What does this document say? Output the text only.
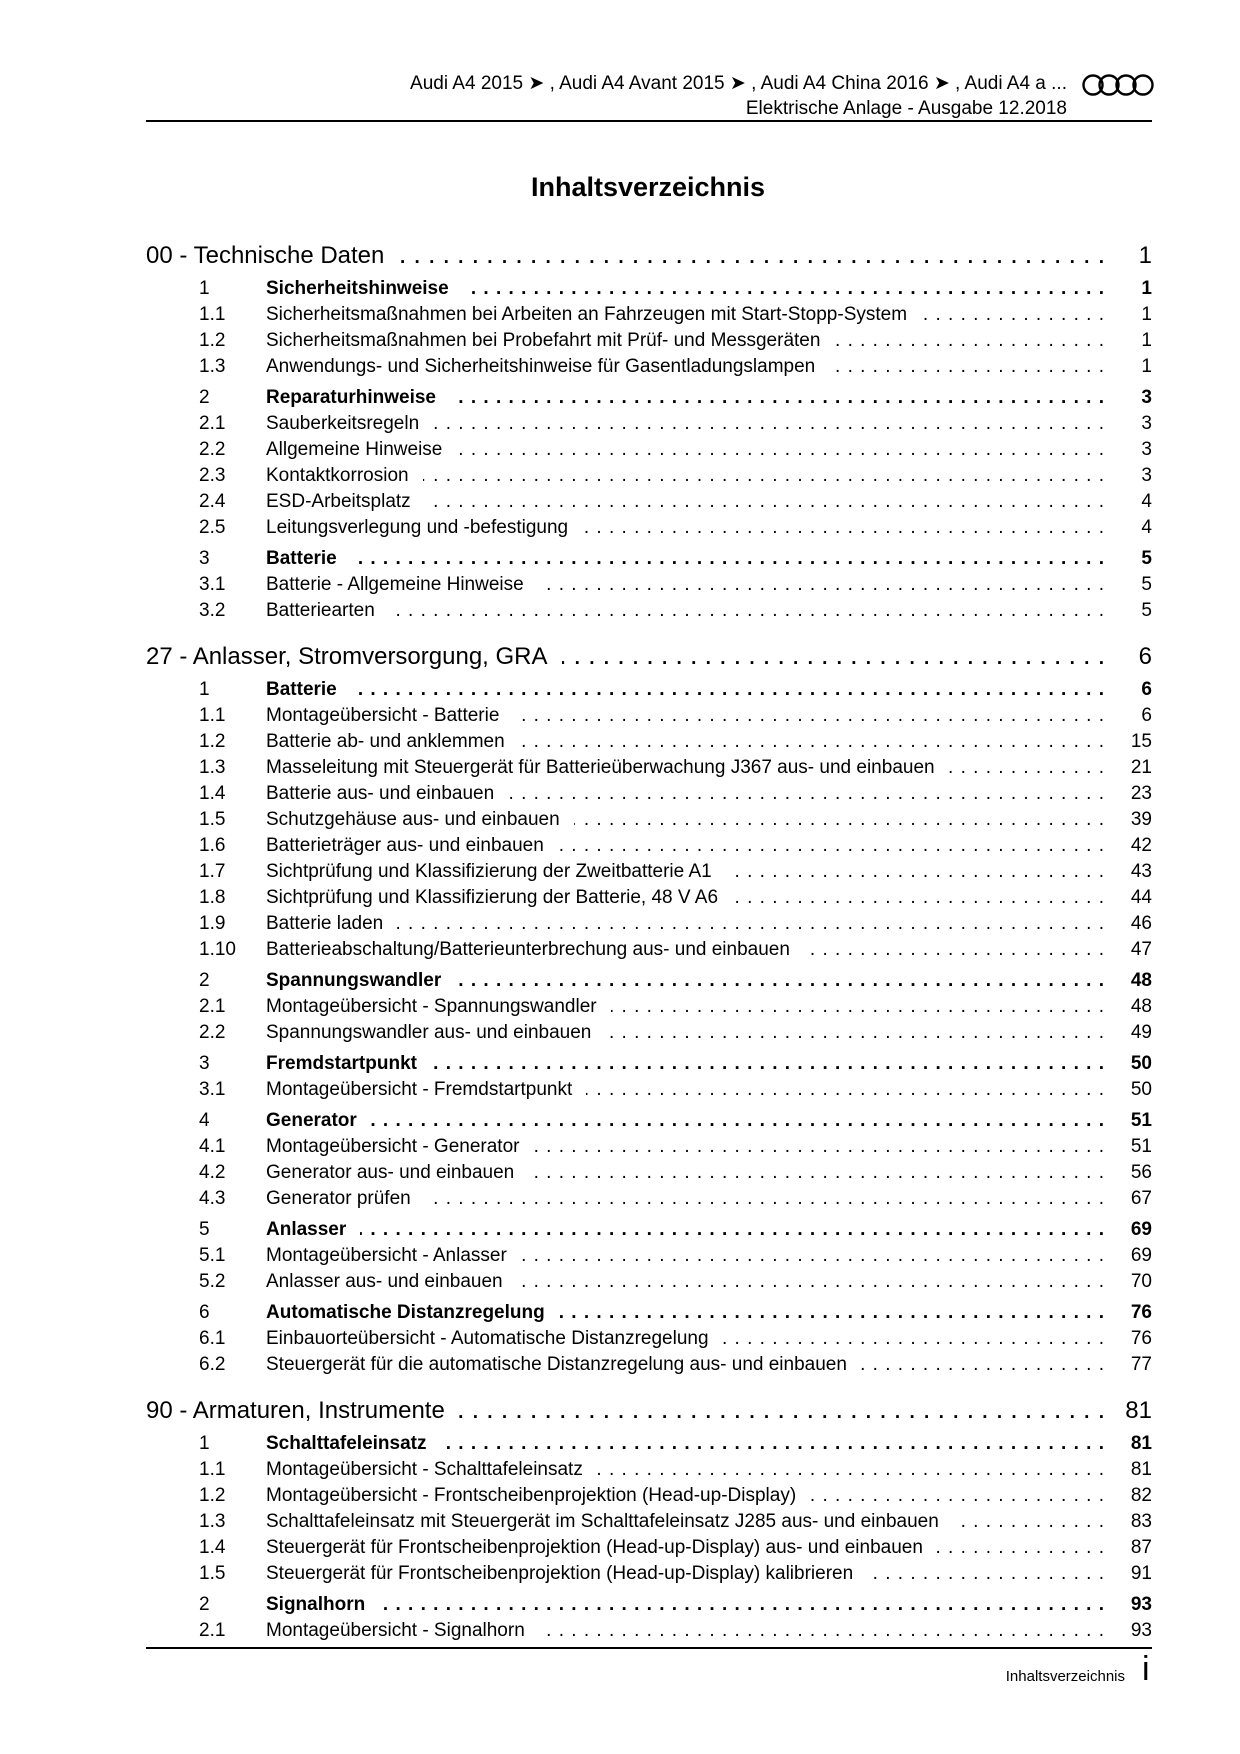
Audi A4 2015 ➤ , Audi A4 Avant 2015 ➤ , Audi A4 China 2016 ➤ , Audi A4 a ...
Elektrische Anlage - Ausgabe 12.2018
Inhaltsverzeichnis
00 - Technische Daten . . .	1
1	Sicherheitshinweise . . .	1
1.1	Sicherheitsmaßnahmen bei Arbeiten an Fahrzeugen mit Start-Stopp-System . . .	1
1.2	Sicherheitsmaßnahmen bei Probefahrt mit Prüf- und Messgeräten . . .	1
1.3	Anwendungs- und Sicherheitshinweise für Gasentladungslampen . . .	1
2	Reparaturhinweise . . .	3
2.1	Sauberkeitsregeln . . .	3
2.2	Allgemeine Hinweise . . .	3
2.3	Kontaktkorrosion . . .	3
2.4	ESD-Arbeitsplatz . . .	4
2.5	Leitungsverlegung und -befestigung . . .	4
3	Batterie . . .	5
3.1	Batterie - Allgemeine Hinweise . . .	5
3.2	Batteriearten . . .	5
27 - Anlasser, Stromversorgung, GRA . . .	6
1	Batterie . . .	6
1.1	Montageübersicht - Batterie . . .	6
1.2	Batterie ab- und anklemmen . . .	15
1.3	Masseleitung mit Steuergerät für Batterieüberwachung J367 aus- und einbauen . . .	21
1.4	Batterie aus- und einbauen . . .	23
1.5	Schutzgehäuse aus- und einbauen . . .	39
1.6	Batterieträger aus- und einbauen . . .	42
1.7	Sichtprüfung und Klassifizierung der Zweitbatterie A1 . . .	43
1.8	Sichtprüfung und Klassifizierung der Batterie, 48 V A6 . . .	44
1.9	Batterie laden . . .	46
1.10	Batterieabschaltung/Batterieunterbrechung aus- und einbauen . . .	47
2	Spannungswandler . . .	48
2.1	Montageübersicht - Spannungswandler . . .	48
2.2	Spannungswandler aus- und einbauen . . .	49
3	Fremdstartpunkt . . .	50
3.1	Montageübersicht - Fremdstartpunkt . . .	50
4	Generator . . .	51
4.1	Montageübersicht - Generator . . .	51
4.2	Generator aus- und einbauen . . .	56
4.3	Generator prüfen . . .	67
5	Anlasser . . .	69
5.1	Montageübersicht - Anlasser . . .	69
5.2	Anlasser aus- und einbauen . . .	70
6	Automatische Distanzregelung . . .	76
6.1	Einbauorteübersicht - Automatische Distanzregelung . . .	76
6.2	Steuergerät für die automatische Distanzregelung aus- und einbauen . . .	77
90 - Armaturen, Instrumente . . .	81
1	Schalttafeleinsatz . . .	81
1.1	Montageübersicht - Schalttafeleinsatz . . .	81
1.2	Montageübersicht - Frontscheibenprojektion (Head-up-Display) . . .	82
1.3	Schalttafeleinsatz mit Steuergerät im Schalttafeleinsatz J285 aus- und einbauen . . .	83
1.4	Steuergerät für Frontscheibenprojektion (Head-up-Display) aus- und einbauen . . .	87
1.5	Steuergerät für Frontscheibenprojektion (Head-up-Display) kalibrieren . . .	91
2	Signalhorn . . .	93
2.1	Montageübersicht - Signalhorn . . .	93
Inhaltsverzeichnis i
